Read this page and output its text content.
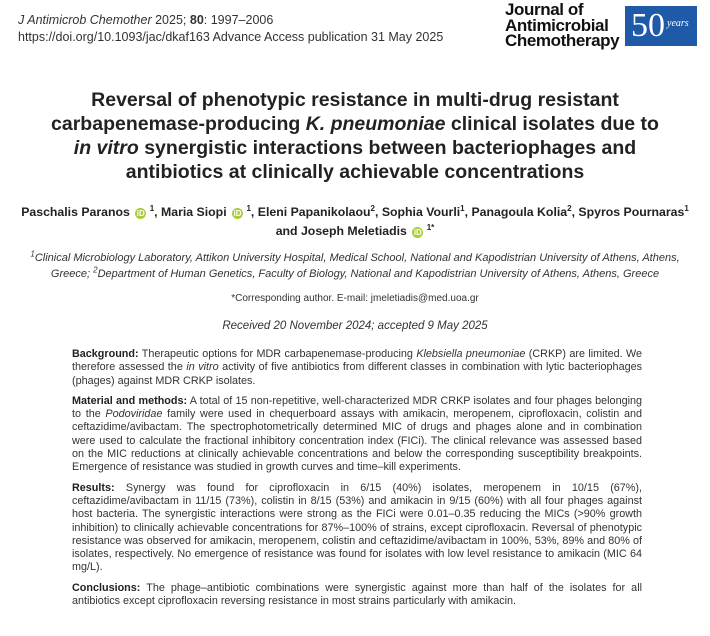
J Antimicrob Chemother 2025; 80: 1997–2006
https://doi.org/10.1093/jac/dkaf163 Advance Access publication 31 May 2025
Journal of
Antimicrobial
Chemotherapy 50 years
Reversal of phenotypic resistance in multi-drug resistant carbapenemase-producing K. pneumoniae clinical isolates due to in vitro synergistic interactions between bacteriophages and antibiotics at clinically achievable concentrations
Paschalis Paranos iD $^1$, Maria Siopi iD $^1$, Eleni Papanikolaou$^2$, Sophia Vourli$^1$, Panagoula Kolia$^2$, Spyros Pournaras$^1$
and Joseph Meletiadis iD $^{1*}$
$^1$Clinical Microbiology Laboratory, Attikon University Hospital, Medical School, National and Kapodistrian University of Athens, Athens, Greece; $^2$Department of Human Genetics, Faculty of Biology, National and Kapodistrian University of Athens, Athens, Greece
*Corresponding author. E-mail: jmeletiadis@med.uoa.gr
Received 20 November 2024; accepted 9 May 2025

Background: Therapeutic options for MDR carbapenemase-producing Klebsiella pneumoniae (CRKP) are limited. We therefore assessed the in vitro activity of five antibiotics from different classes in combination with lytic bacteriophages (phages) against MDR CRKP isolates.

Material and methods: A total of 15 non-repetitive, well-characterized MDR CRKP isolates and four phages belonging to the Podoviridae family were used in chequerboard assays with amikacin, meropenem, ciprofloxacin, colistin and ceftazidime/avibactam. The spectrophotometrically determined MIC of drugs and phages alone and in combination were used to calculate the fractional inhibitory concentration index (FICi). The clinical relevance was assessed based on the MIC reductions at clinically achievable concentrations and below the corresponding susceptibility breakpoints. Emergence of resistance was studied in growth curves and time–kill experiments.

Results: Synergy was found for ciprofloxacin in 6/15 (40%) isolates, meropenem in 10/15 (67%), ceftazidime/avibactam in 11/15 (73%), colistin in 8/15 (53%) and amikacin in 9/15 (60%) with all four phages against host bacteria. The synergistic interactions were strong as the FICi were 0.01–0.35 reducing the MICs (>90% growth inhibition) to clinically achievable concentrations for 87%–100% of strains, except ciprofloxacin. Reversal of phenotypic resistance was observed for amikacin, meropenem, colistin and ceftazidime/avibactam in 100%, 53%, 89% and 80% of isolates, respectively. No emergence of resistance was found for isolates with low level resistance to amikacin (MIC 64 mg/L).

Conclusions: The phage–antibiotic combinations were synergistic against more than half of the isolates for all antibiotics except ciprofloxacin reversing resistance in most strains particularly with amikacin.
